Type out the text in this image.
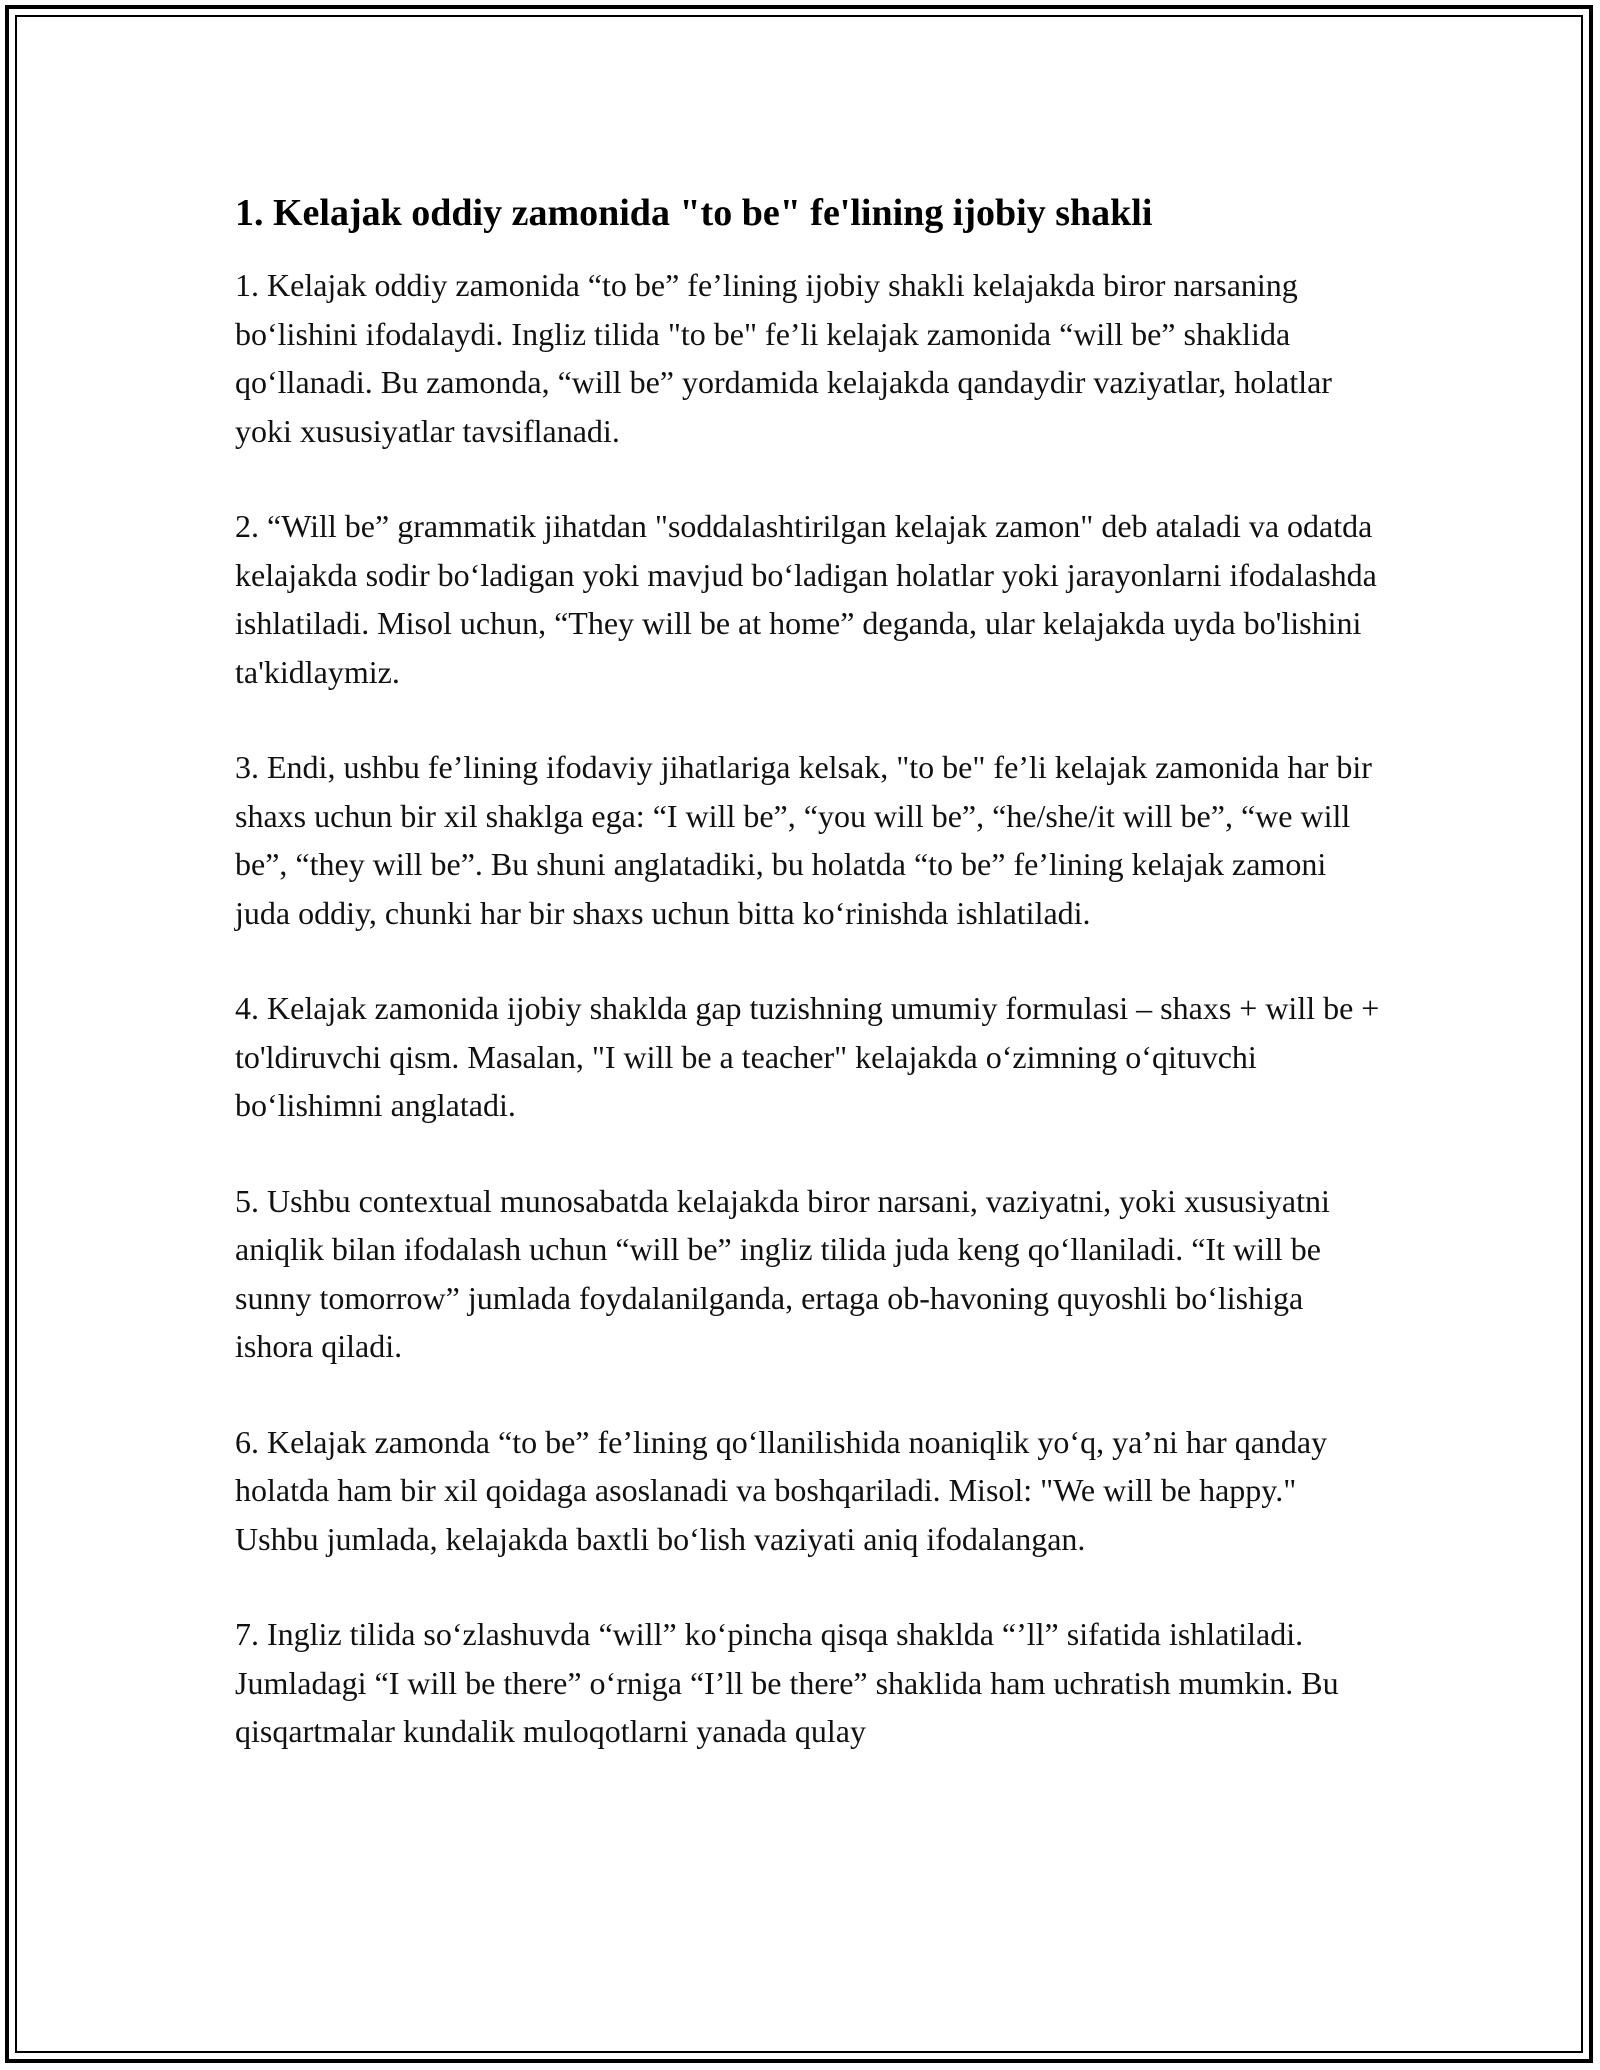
1. Kelajak oddiy zamonida "to be" fe'lining ijobiy shakli

1. Kelajak oddiy zamonida “to be” fe’lining ijobiy shakli kelajakda biror narsaning boʻlishini ifodalaydi. Ingliz tilida "to be" fe’li kelajak zamonida “will be” shaklida qoʻllanadi. Bu zamonda, “will be” yordamida kelajakda qandaydir vaziyatlar, holatlar yoki xususiyatlar tavsiflanadi.

2. “Will be” grammatik jihatdan "soddalashtirilgan kelajak zamon" deb ataladi va odatda kelajakda sodir boʻladigan yoki mavjud boʻladigan holatlar yoki jarayonlarni ifodalashda ishlatiladi. Misol uchun, “They will be at home” deganda, ular kelajakda uyda bo'lishini ta'kidlaymiz.

3. Endi, ushbu fe’lining ifodaviy jihatlariga kelsak, "to be" fe’li kelajak zamonida har bir shaxs uchun bir xil shaklga ega: “I will be”, “you will be”, “he/she/it will be”, “we will be”, “they will be”. Bu shuni anglatadiki, bu holatda “to be” fe’lining kelajak zamoni juda oddiy, chunki har bir shaxs uchun bitta koʻrinishda ishlatiladi.

4. Kelajak zamonida ijobiy shaklda gap tuzishning umumiy formulasi – shaxs + will be + to'ldiruvchi qism. Masalan, "I will be a teacher" kelajakda oʻzimning oʻqituvchi boʻlishimni anglatadi.

5. Ushbu contextual munosabatda kelajakda biror narsani, vaziyatni, yoki xususiyatni aniqlik bilan ifodalash uchun “will be” ingliz tilida juda keng qoʻllaniladi. “It will be sunny tomorrow” jumlada foydalanilganda, ertaga ob-havoning quyoshli boʻlishiga ishora qiladi.

6. Kelajak zamonda “to be” fe’lining qoʻllanilishida noaniqlik yoʻq, ya’ni har qanday holatda ham bir xil qoidaga asoslanadi va boshqariladi. Misol: "We will be happy." Ushbu jumlada, kelajakda baxtli boʻlish vaziyati aniq ifodalangan.

7. Ingliz tilida soʻzlashuvda “will” koʻpincha qisqa shaklda “’ll” sifatida ishlatiladi. Jumladagi “I will be there” oʻrniga “I’ll be there” shaklida ham uchratish mumkin. Bu qisqartmalar kundalik muloqotlarni yanada qulay
